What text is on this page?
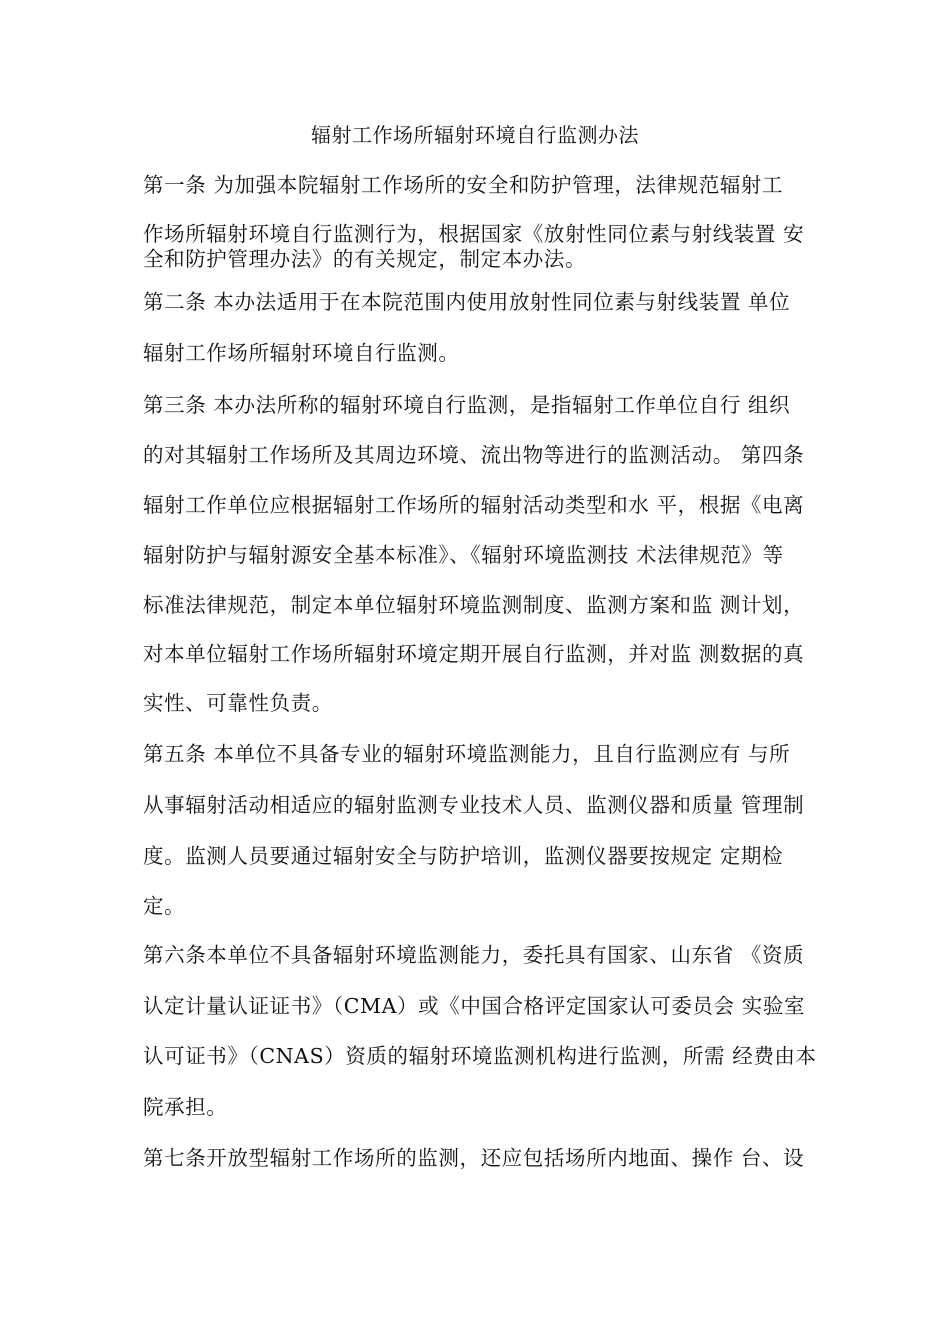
辐射工作场所辐射环境自行监测办法
第一条 为加强本院辐射工作场所的安全和防护管理，法律规范辐射工
作场所辐射环境自行监测行为，根据国家《放射性同位素与射线装置 安
全和防护管理办法》的有关规定，制定本办法。
第二条 本办法适用于在本院范围内使用放射性同位素与射线装置 单位
辐射工作场所辐射环境自行监测。
第三条 本办法所称的辐射环境自行监测，是指辐射工作单位自行 组织
的对其辐射工作场所及其周边环境、流出物等进行的监测活动。 第四条
辐射工作单位应根据辐射工作场所的辐射活动类型和水 平，根据《电离
辐射防护与辐射源安全基本标准》、《辐射环境监测技 术法律规范》等
标准法律规范，制定本单位辐射环境监测制度、监测方案和监 测计划，
对本单位辐射工作场所辐射环境定期开展自行监测，并对监 测数据的真
实性、可靠性负责。
第五条 本单位不具备专业的辐射环境监测能力，且自行监测应有 与所
从事辐射活动相适应的辐射监测专业技术人员、监测仪器和质量 管理制
度。监测人员要通过辐射安全与防护培训，监测仪器要按规定 定期检
定。
第六条本单位不具备辐射环境监测能力，委托具有国家、山东省 《资质
认定计量认证证书》（CMA）或《中国合格评定国家认可委员会 实验室
认可证书》（CNAS）资质的辐射环境监测机构进行监测，所需 经费由本
院承担。
第七条开放型辐射工作场所的监测，还应包括场所内地面、操作 台、设
